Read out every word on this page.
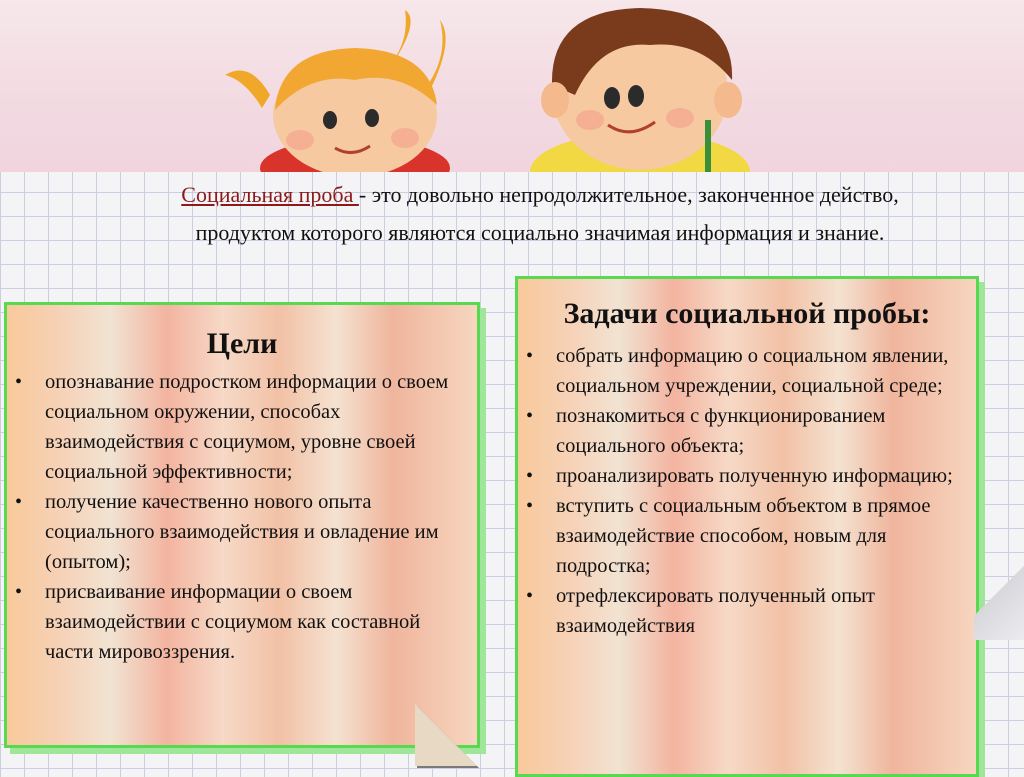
Социальная проба - это довольно непродолжительное, законченное действо, продуктом которого являются социально значимая информация и знание.

Цели
• опознавание подростком информации о своем социальном окружении, способах взаимодействия с социумом, уровне своей социальной эффективности;
• получение качественно нового опыта социального взаимодействия и овладение им (опытом);
• присваивание информации о своем взаимодействии с социумом как составной части мировоззрения.
Задачи социальной пробы:
• собрать информацию о социальном явлении, социальном учреждении, социальной среде;
• познакомиться с функционированием социального объекта;
• проанализировать полученную информацию;
• вступить с социальным объектом в прямое взаимодействие способом, новым для подростка;
• отрефлексировать полученный опыт взаимодействия
